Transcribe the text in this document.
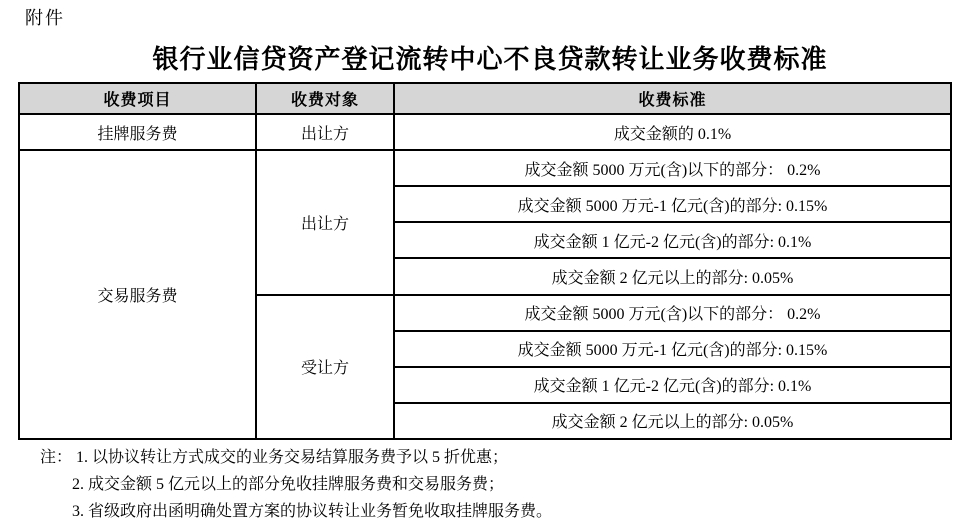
附件
银行业信贷资产登记流转中心不良贷款转让业务收费标准
收费项目	收费对象	收费标准
挂牌服务费	出让方	成交金额的 0.1%
交易服务费	出让方	成交金额 5000 万元(含)以下的部分： 0.2%
		成交金额 5000 万元-1 亿元(含)的部分: 0.15%
		成交金额 1 亿元-2 亿元(含)的部分: 0.1%
		成交金额 2 亿元以上的部分: 0.05%
	受让方	成交金额 5000 万元(含)以下的部分： 0.2%
		成交金额 5000 万元-1 亿元(含)的部分: 0.15%
		成交金额 1 亿元-2 亿元(含)的部分: 0.1%
		成交金额 2 亿元以上的部分: 0.05%
注： 1. 以协议转让方式成交的业务交易结算服务费予以 5 折优惠；
2. 成交金额 5 亿元以上的部分免收挂牌服务费和交易服务费；
3. 省级政府出函明确处置方案的协议转让业务暂免收取挂牌服务费。
